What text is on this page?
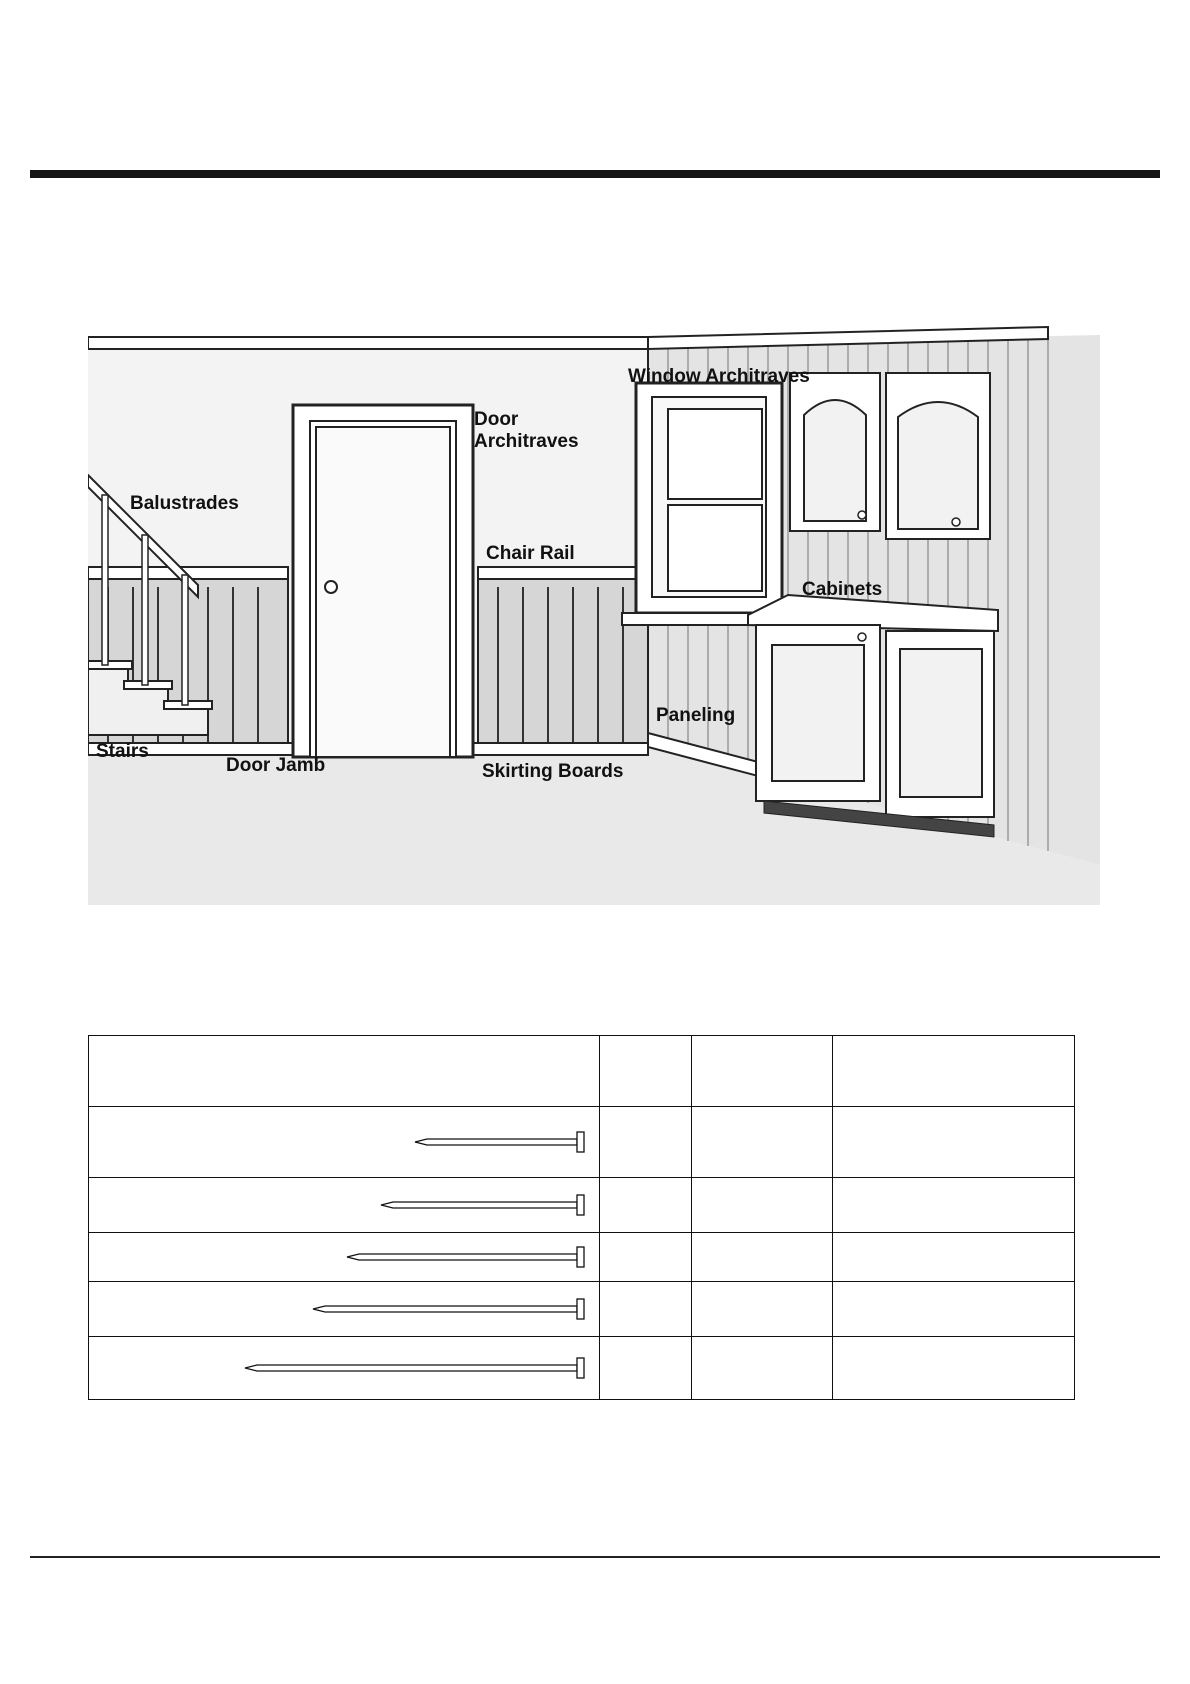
Window Architraves
Door
Architraves
Balustrades
Chair Rail
Cabinets
Paneling
Stairs
Door Jamb	Skirting Boards
